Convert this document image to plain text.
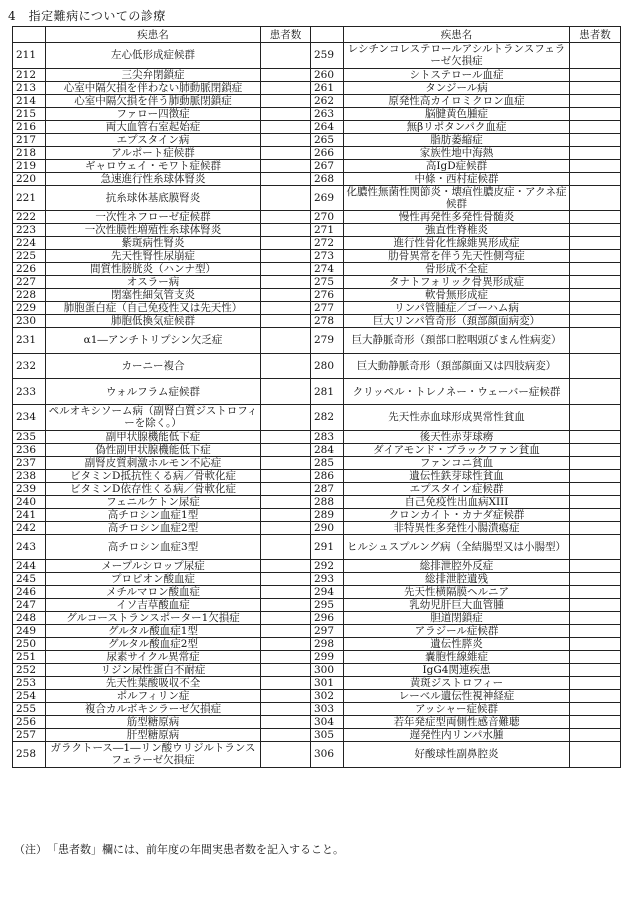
4　指定難病についての診療
	疾患名	患者数		疾患名	患者数
211	左心低形成症候群		259	レシチンコレステロールアシルトランスフェラーゼ欠損症	
212	三尖弁閉鎖症		260	シトステロール血症	
213	心室中隔欠損を伴わない肺動脈閉鎖症		261	タンジール病	
214	心室中隔欠損を伴う肺動脈閉鎖症		262	原発性高カイロミクロン血症	
215	ファロー四徴症		263	脳腱黄色腫症	
216	両大血管右室起始症		264	無βリポタンパク血症	
217	エプスタイン病		265	脂肪萎縮症	
218	アルポート症候群		266	家族性地中海熱	
219	ギャロウェイ・モワト症候群		267	高IgD症候群	
220	急速進行性糸球体腎炎		268	中條・西村症候群	
221	抗糸球体基底膜腎炎		269	化膿性無菌性関節炎・壊疽性膿皮症・アクネ症候群	
222	一次性ネフローゼ症候群		270	慢性再発性多発性骨髄炎	
223	一次性膜性増殖性糸球体腎炎		271	強直性脊椎炎	
224	紫斑病性腎炎		272	進行性骨化性線維異形成症	
225	先天性腎性尿崩症		273	肋骨異常を伴う先天性側弯症	
226	間質性膀胱炎（ハンナ型）		274	骨形成不全症	
227	オスラー病		275	タナトフォリック骨異形成症	
228	閉塞性細気管支炎		276	軟骨無形成症	
229	肺胞蛋白症（自己免疫性又は先天性）		277	リンパ管腫症／ゴーハム病	
230	肺胞低換気症候群		278	巨大リンパ管奇形（頚部顔面病変）	
231	α1―アンチトリプシン欠乏症		279	巨大静脈奇形（頚部口腔咽頭びまん性病変）	
232	カーニー複合		280	巨大動静脈奇形（頚部顔面又は四肢病変）	
233	ウォルフラム症候群		281	クリッペル・トレノネー・ウェーバー症候群	
234	ペルオキシソーム病（副腎白質ジストロフィーを除く。）		282	先天性赤血球形成異常性貧血	
235	副甲状腺機能低下症		283	後天性赤芽球癆	
236	偽性副甲状腺機能低下症		284	ダイアモンド・ブラックファン貧血	
237	副腎皮質刺激ホルモン不応症		285	ファンコニ貧血	
238	ビタミンD抵抗性くる病／骨軟化症		286	遺伝性鉄芽球性貧血	
239	ビタミンD依存性くる病／骨軟化症		287	エプスタイン症候群	
240	フェニルケトン尿症		288	自己免疫性出血病XIII	
241	高チロシン血症1型		289	クロンカイト・カナダ症候群	
242	高チロシン血症2型		290	非特異性多発性小腸潰瘍症	
243	高チロシン血症3型		291	ヒルシュスプルング病（全結腸型又は小腸型）	
244	メープルシロップ尿症		292	総排泄腔外反症	
245	プロピオン酸血症		293	総排泄腔遺残	
246	メチルマロン酸血症		294	先天性横隔膜ヘルニア	
247	イソ吉草酸血症		295	乳幼児肝巨大血管腫	
248	グルコーストランスポーター1欠損症		296	胆道閉鎖症	
249	グルタル酸血症1型		297	アラジール症候群	
250	グルタル酸血症2型		298	遺伝性膵炎	
251	尿素サイクル異常症		299	嚢胞性線維症	
252	リジン尿性蛋白不耐症		300	IgG4関連疾患	
253	先天性葉酸吸収不全		301	黄斑ジストロフィー	
254	ポルフィリン症		302	レーベル遺伝性視神経症	
255	複合カルボキシラーゼ欠損症		303	アッシャー症候群	
256	筋型糖原病		304	若年発症型両側性感音難聴	
257	肝型糖原病		305	遅発性内リンパ水腫	
258	ガラクトース―1―リン酸ウリジルトランスフェラーゼ欠損症		306	好酸球性副鼻腔炎	
（注）　「患者数」欄には、前年度の年間実患者数を記入すること。
